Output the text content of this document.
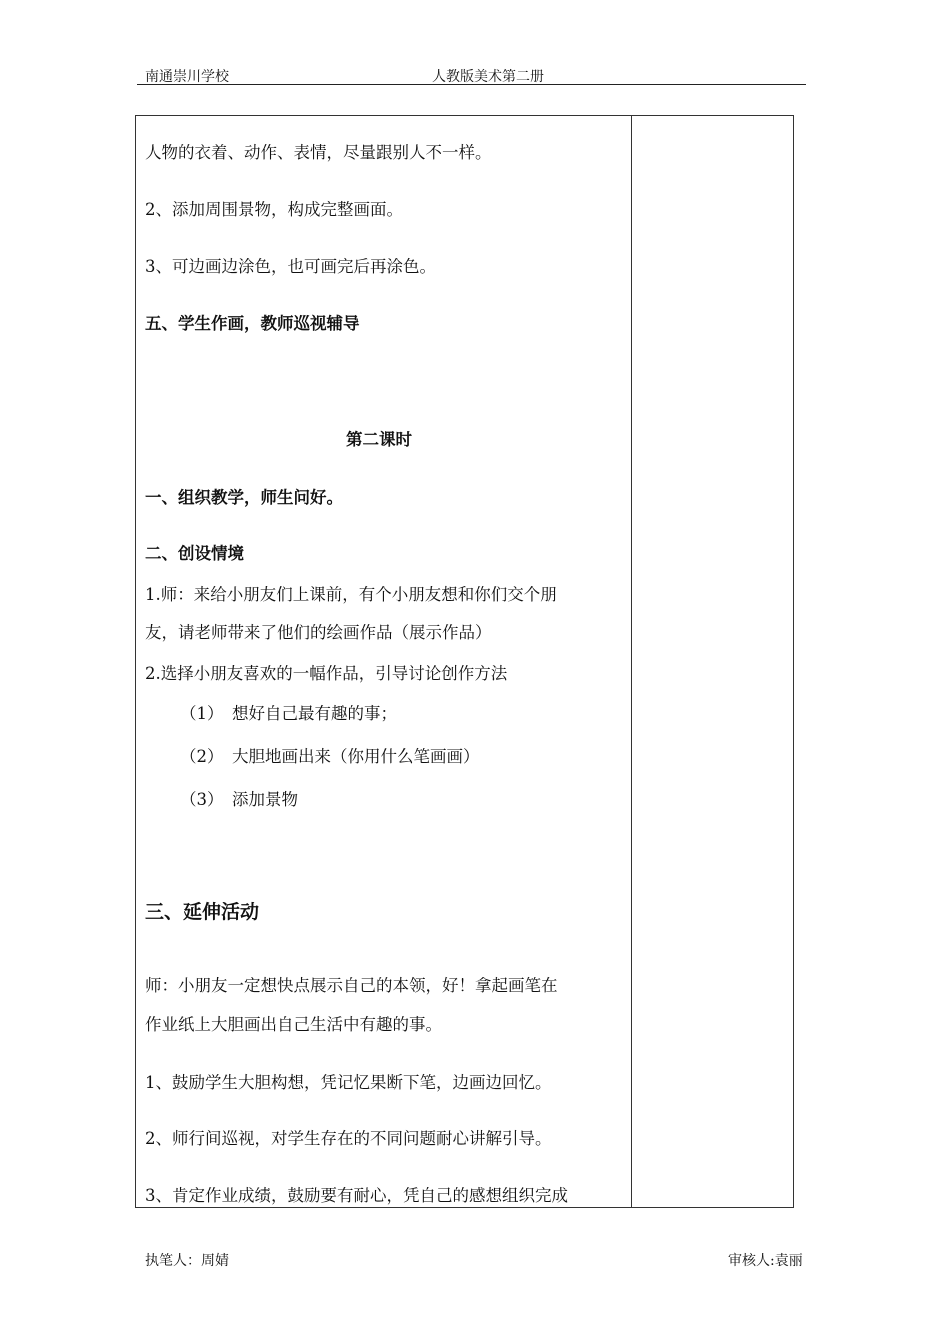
南通崇川学校	人教版美术第二册
人物的衣着、动作、表情，尽量跟别人不一样。
2、添加周围景物，构成完整画面。
3、可边画边涂色，也可画完后再涂色。
五、学生作画，教师巡视辅导
第二课时
一、组织教学，师生问好。
二、创设情境
1.师：来给小朋友们上课前，有个小朋友想和你们交个朋
友，请老师带来了他们的绘画作品（展示作品）
2.选择小朋友喜欢的一幅作品，引导讨论创作方法
（1） 想好自己最有趣的事；
（2） 大胆地画出来（你用什么笔画画）
（3） 添加景物
三、延伸活动
师：小朋友一定想快点展示自己的本领，好！拿起画笔在
作业纸上大胆画出自己生活中有趣的事。
1、鼓励学生大胆构想，凭记忆果断下笔，边画边回忆。
2、师行间巡视，对学生存在的不同问题耐心讲解引导。
3、肯定作业成绩，鼓励要有耐心，凭自己的感想组织完成
执笔人：周婧	审核人:袁丽
